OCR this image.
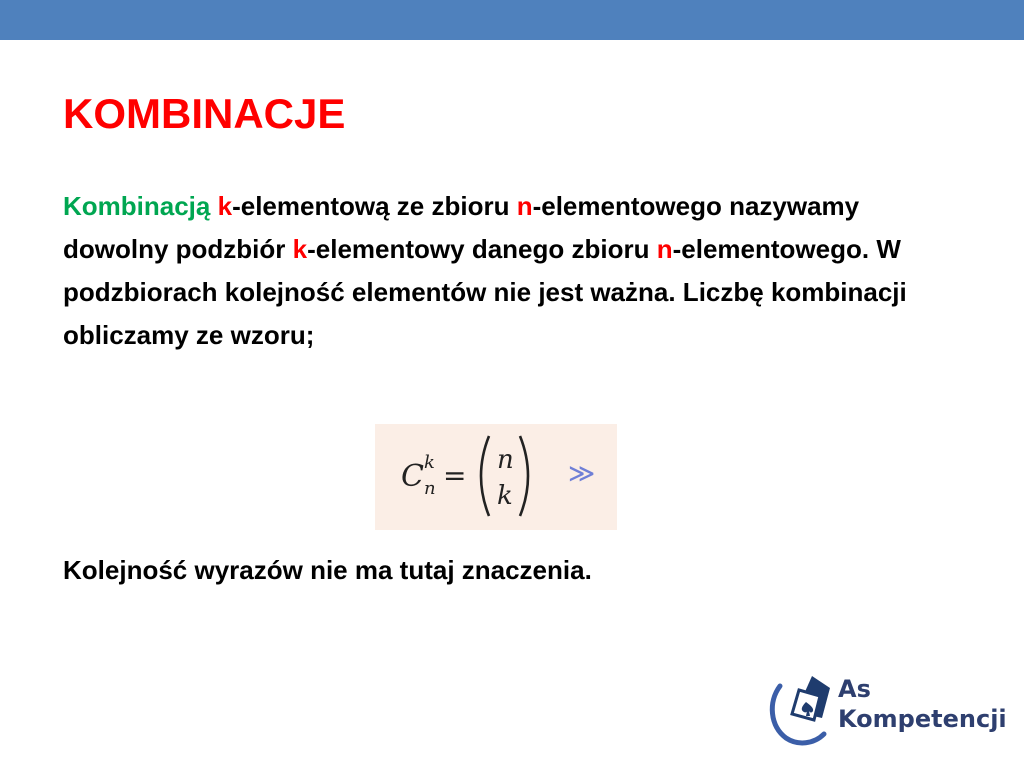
KOMBINACJE
Kombinacją k-elementową ze zbioru n-elementowego nazywamy dowolny podzbiór k-elementowy danego zbioru n-elementowego. W podzbiorach kolejność elementów nie jest ważna. Liczbę kombinacji obliczamy ze wzoru;
C k
n = n
k
≫
Kolejność wyrazów nie ma tutaj znaczenia.
As
Kompetencji
